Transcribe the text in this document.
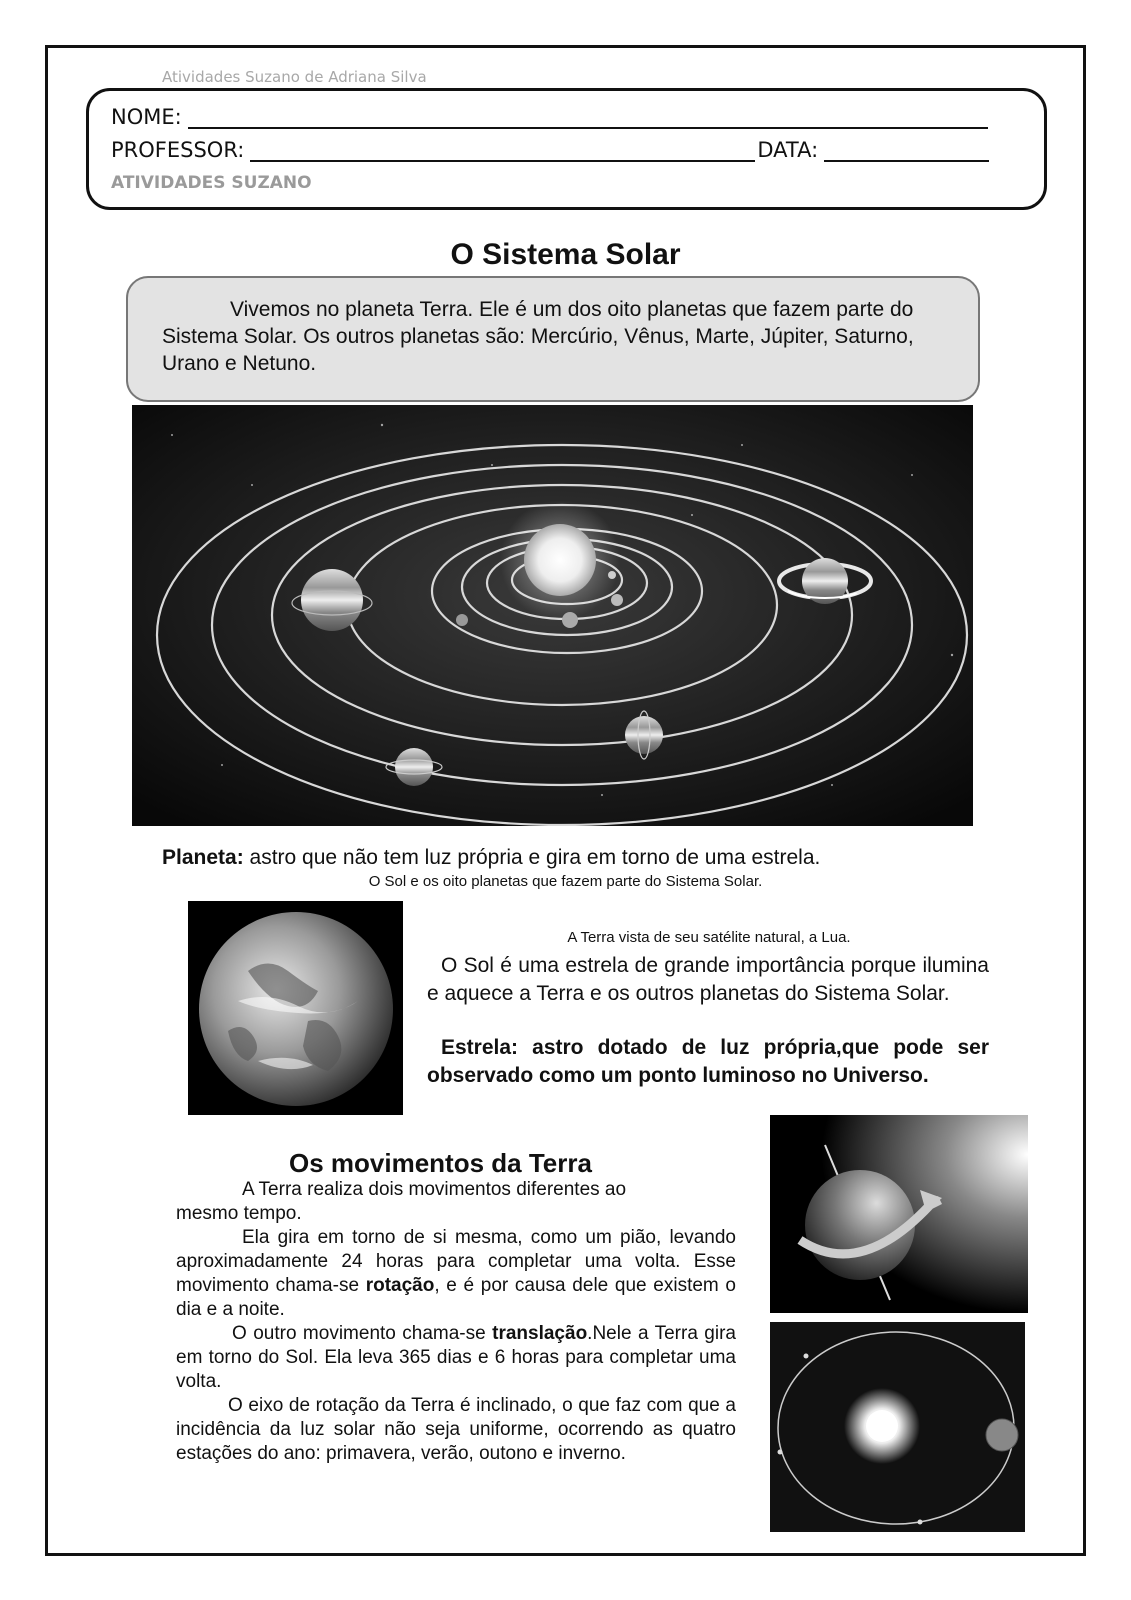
Atividades Suzano de Adriana Silva
NOME:
PROFESSOR:	DATA:
ATIVIDADES SUZANO
O Sistema Solar
Vivemos no planeta Terra. Ele é um dos oito planetas que fazem parte do Sistema Solar. Os outros planetas são: Mercúrio, Vênus, Marte, Júpiter, Saturno, Urano e Netuno.
Planeta: astro que não tem luz própria e gira em torno de uma estrela.
O Sol e os oito planetas que fazem parte do Sistema Solar.
A Terra vista de seu satélite natural, a Lua.
O Sol é uma estrela de grande importância porque ilumina e aquece a Terra e os outros planetas do Sistema Solar.
Estrela: astro dotado de luz própria,que pode ser observado como um ponto luminoso no Universo.
Os movimentos da Terra

A Terra realiza dois movimentos diferentes ao mesmo tempo.

Ela gira em torno de si mesma, como um pião, levando aproximadamente 24 horas para completar uma volta. Esse movimento chama-se rotação, e é por causa dele que existem o dia e a noite.

O outro movimento chama-se translação.Nele a Terra gira em torno do Sol. Ela leva 365 dias e 6 horas para completar uma volta.

O eixo de rotação da Terra é inclinado, o que faz com que a incidência da luz solar não seja uniforme, ocorrendo as quatro estações do ano: primavera, verão, outono e inverno.
